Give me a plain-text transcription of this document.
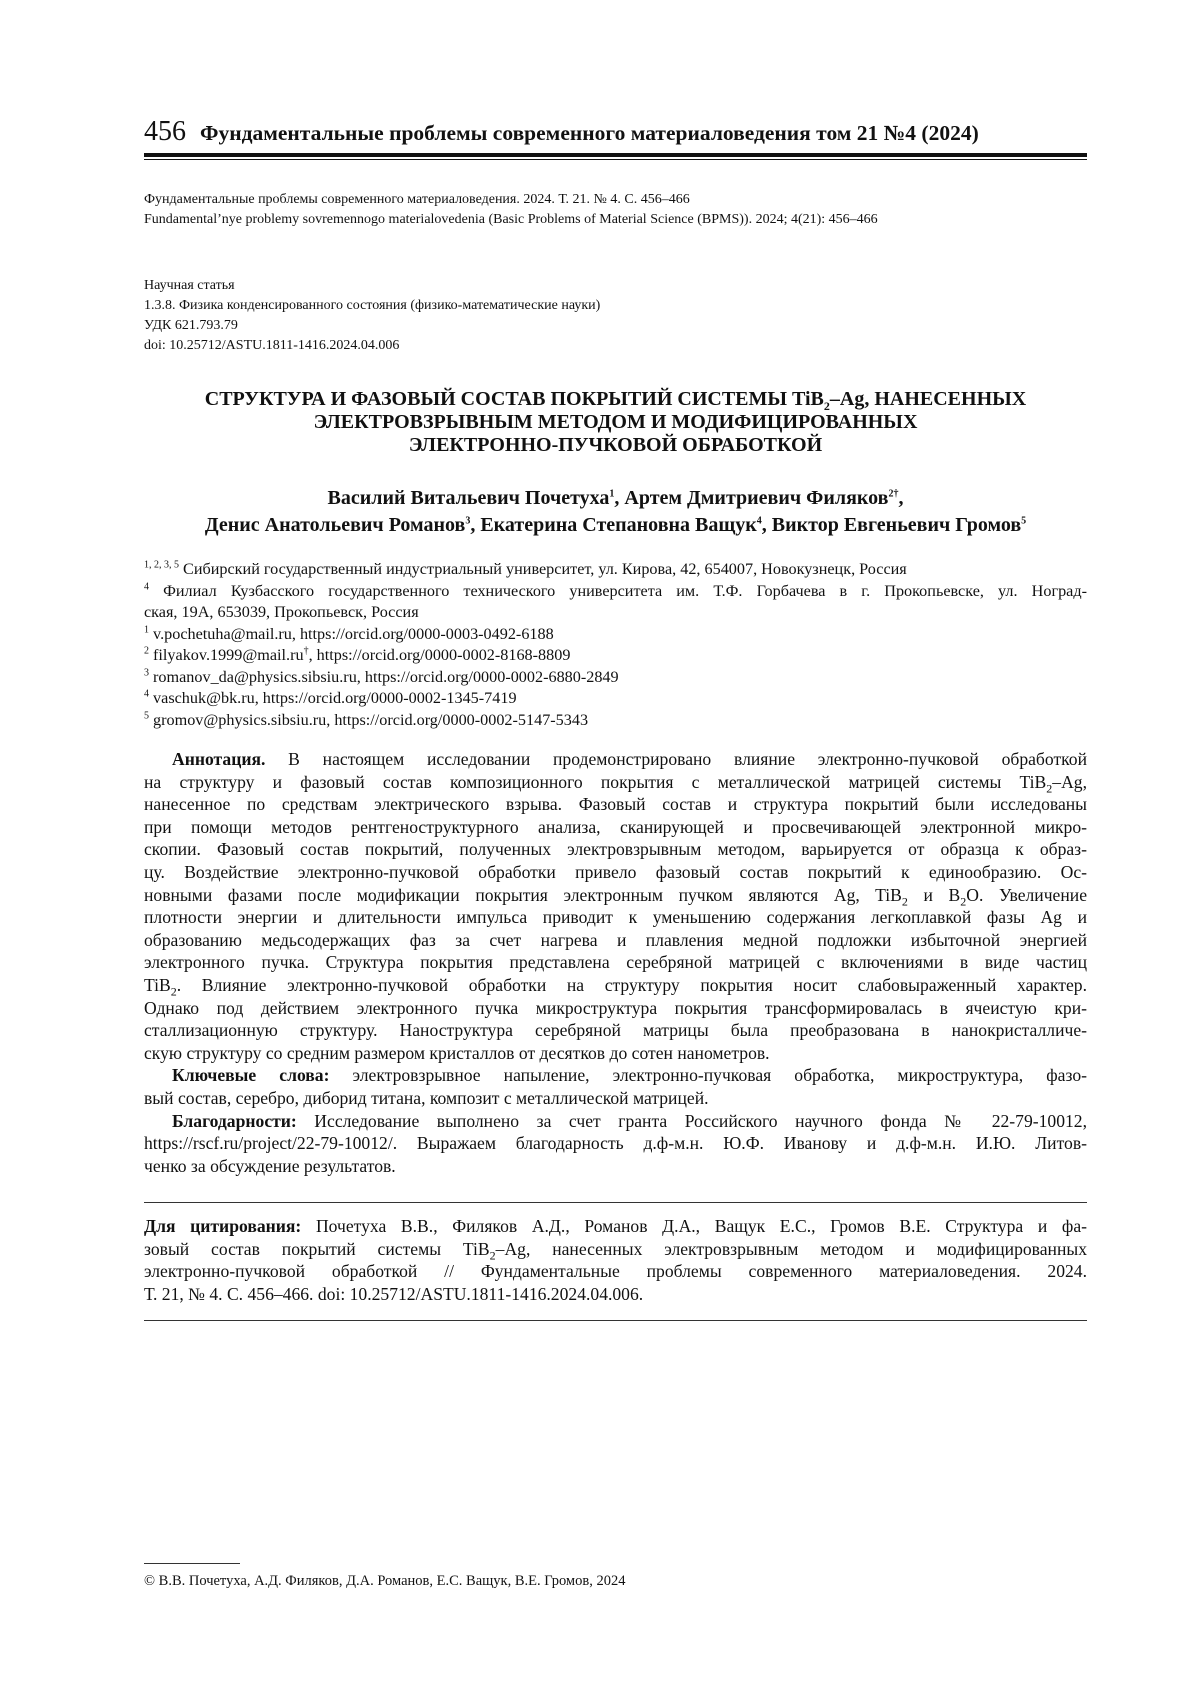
456 Фундаментальные проблемы современного материаловедения том 21 №4 (2024)
Фундаментальные проблемы современного материаловедения. 2024. Т. 21. № 4. С. 456–466
Fundamental’nye problemy sovremennogo materialovedenia (Basic Problems of Material Science (BPMS)). 2024; 4(21): 456–466
Научная статья
1.3.8. Физика конденсированного состояния (физико-математические науки)
УДК 621.793.79
doi: 10.25712/ASTU.1811-1416.2024.04.006
СТРУКТУРА И ФАЗОВЫЙ СОСТАВ ПОКРЫТИЙ СИСТЕМЫ TiB$_2$–Ag, НАНЕСЕННЫХ
ЭЛЕКТРОВЗРЫВНЫМ МЕТОДОМ И МОДИФИЦИРОВАННЫХ
ЭЛЕКТРОННО-ПУЧКОВОЙ ОБРАБОТКОЙ
Василий Витальевич Почетуха$^1$, Артем Дмитриевич Филяков$^{2\dagger}$,
Денис Анатольевич Романов$^3$, Екатерина Степановна Ващук$^4$, Виктор Евгеньевич Громов$^5$
$^{1, 2, 3, 5}$ Сибирский государственный индустриальный университет, ул. Кирова, 42, 654007, Новокузнецк, Россия
$^4$ Филиал Кузбасского государственного технического университета им. Т.Ф. Горбачева в г. Прокопьевске, ул. Ноград-
ская, 19А, 653039, Прокопьевск, Россия
$^1$ v.pochetuha@mail.ru, https://orcid.org/0000-0003-0492-6188
$^2$ filyakov.1999@mail.ru†, https://orcid.org/0000-0002-8168-8809
$^3$ romanov_da@physics.sibsiu.ru, https://orcid.org/0000-0002-6880-2849
$^4$ vaschuk@bk.ru, https://orcid.org/0000-0002-1345-7419
$^5$ gromov@physics.sibsiu.ru, https://orcid.org/0000-0002-5147-5343
Аннотация. В настоящем исследовании продемонстрировано влияние электронно-пучковой обработкой
на структуру и фазовый состав композиционного покрытия с металлической матрицей системы TiB$_2$–Ag,
нанесенное по средствам электрического взрыва. Фазовый состав и структура покрытий были исследованы
при помощи методов рентгеноструктурного анализа, сканирующей и просвечивающей электронной микро-
скопии. Фазовый состав покрытий, полученных электровзрывным методом, варьируется от образца к образ-
цу. Воздействие электронно-пучковой обработки привело фазовый состав покрытий к единообразию. Ос-
новными фазами после модификации покрытия электронным пучком являются Ag, TiB$_2$ и $B_2O$. Увеличение
плотности энергии и длительности импульса приводит к уменьшению содержания легкоплавкой фазы Ag и
образованию медьсодержащих фаз за счет нагрева и плавления медной подложки избыточной энергией
электронного пучка. Структура покрытия представлена серебряной матрицей с включениями в виде частиц
TiB$_2$. Влияние электронно-пучковой обработки на структуру покрытия носит слабовыраженный характер.
Однако под действием электронного пучка микроструктура покрытия трансформировалась в ячеистую кри-
сталлизационную структуру. Наноструктура серебряной матрицы была преобразована в нанокристалличе-
скую структуру со средним размером кристаллов от десятков до сотен нанометров.
Ключевые слова: электровзрывное напыление, электронно-пучковая обработка, микроструктура, фазо-
вый состав, серебро, диборид титана, композит с металлической матрицей.
Благодарности: Исследование выполнено за счет гранта Российского научного фонда № 22-79-10012,
https://rscf.ru/project/22-79-10012/. Выражаем благодарность д.ф-м.н. Ю.Ф. Иванову и д.ф-м.н. И.Ю. Литов-
ченко за обсуждение результатов.
Для цитирования: Почетуха В.В., Филяков А.Д., Романов Д.А., Ващук Е.С., Громов В.Е. Структура и фа-
зовый состав покрытий системы TiB$_2$–Ag, нанесенных электровзрывным методом и модифицированных
электронно-пучковой обработкой // Фундаментальные проблемы современного материаловедения. 2024.
Т. 21, № 4. С. 456–466. doi: 10.25712/ASTU.1811-1416.2024.04.006.
© В.В. Почетуха, А.Д. Филяков, Д.А. Романов, Е.С. Ващук, В.Е. Громов, 2024
